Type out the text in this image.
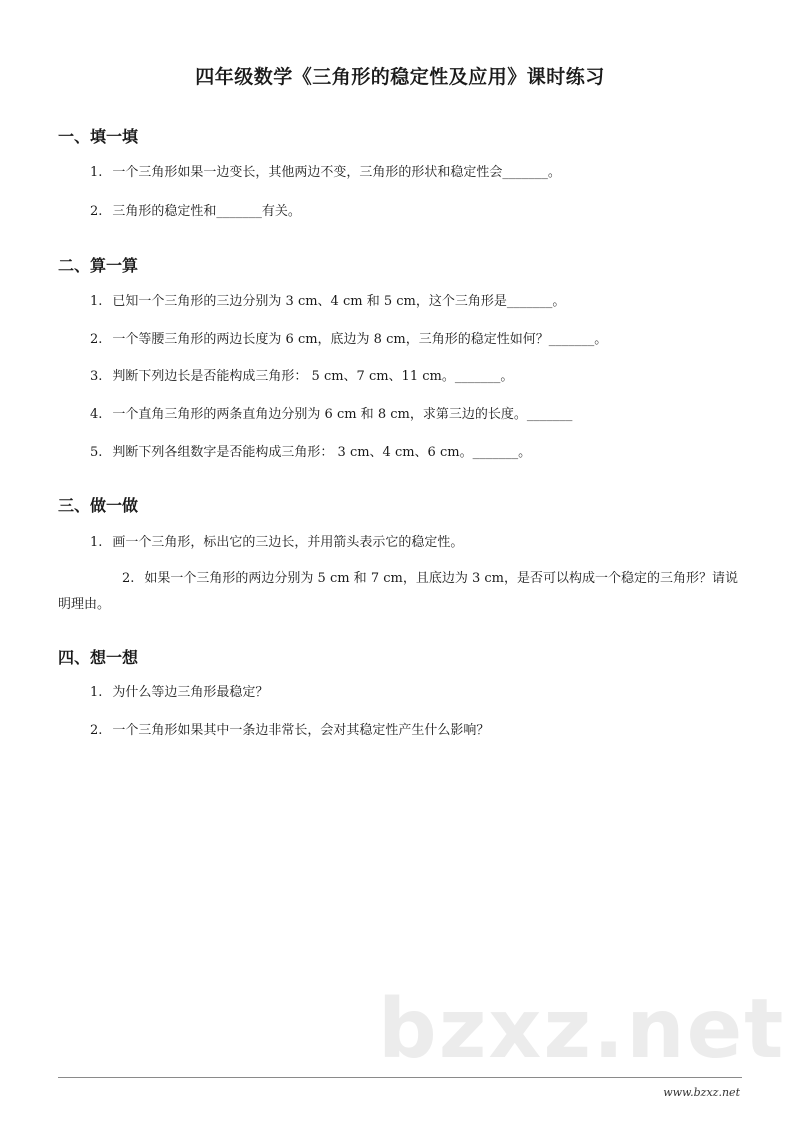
四年级数学《三角形的稳定性及应用》课时练习
一、填一填
1. 一个三角形如果一边变长，其他两边不变，三角形的形状和稳定性会_______。
2. 三角形的稳定性和_______有关。
二、算一算
1. 已知一个三角形的三边分别为 3 cm、4 cm 和 5 cm，这个三角形是_______。
2. 一个等腰三角形的两边长度为 6 cm，底边为 8 cm，三角形的稳定性如何？_______。
3. 判断下列边长是否能构成三角形： 5 cm、7 cm、11 cm。_______。
4. 一个直角三角形的两条直角边分别为 6 cm 和 8 cm，求第三边的长度。_______
5. 判断下列各组数字是否能构成三角形： 3 cm、4 cm、6 cm。_______。
三、做一做
1. 画一个三角形，标出它的三边长，并用箭头表示它的稳定性。
2. 如果一个三角形的两边分别为 5 cm 和 7 cm，且底边为 3 cm，是否可以构成一个稳定的三角形？请说明理由。
四、想一想
1. 为什么等边三角形最稳定？
2. 一个三角形如果其中一条边非常长，会对其稳定性产生什么影响？
bzxz.net
www.bzxz.net
